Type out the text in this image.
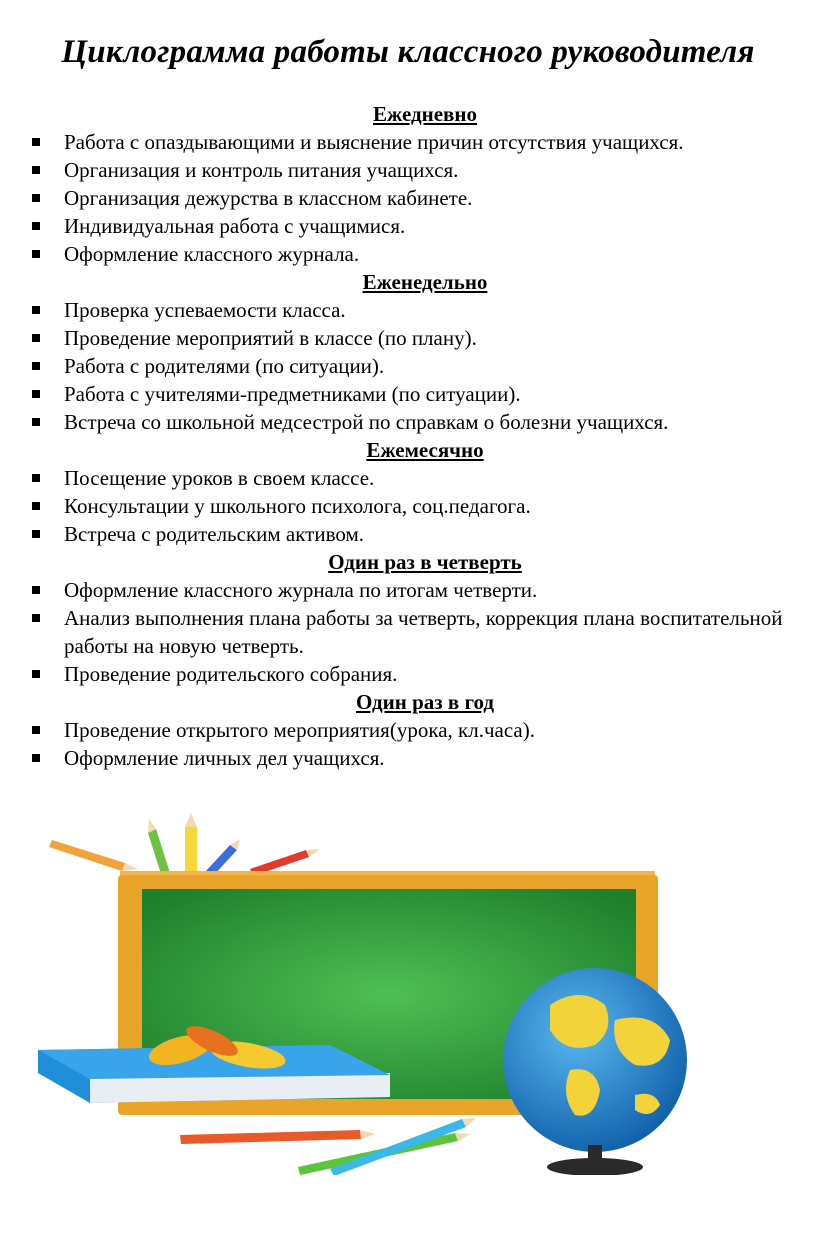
Циклограмма работы классного руководителя
Ежедневно
Работа с опаздывающими и выяснение причин отсутствия учащихся.
Организация и контроль питания учащихся.
Организация дежурства в классном кабинете.
Индивидуальная работа с учащимися.
Оформление классного журнала.
Еженедельно
Проверка успеваемости класса.
Проведение мероприятий в классе (по плану).
Работа с родителями (по ситуации).
Работа с учителями-предметниками (по ситуации).
Встреча со школьной медсестрой по справкам о болезни учащихся.
Ежемесячно
Посещение уроков в своем классе.
Консультации у школьного психолога, соц.педагога.
Встреча с родительским активом.
Один раз в четверть
Оформление классного журнала по итогам четверти.
Анализ выполнения плана работы за четверть, коррекция плана воспитательной работы на новую четверть.
Проведение родительского собрания.
Один раз в год
Проведение открытого мероприятия(урока, кл.часа).
Оформление личных дел учащихся.
